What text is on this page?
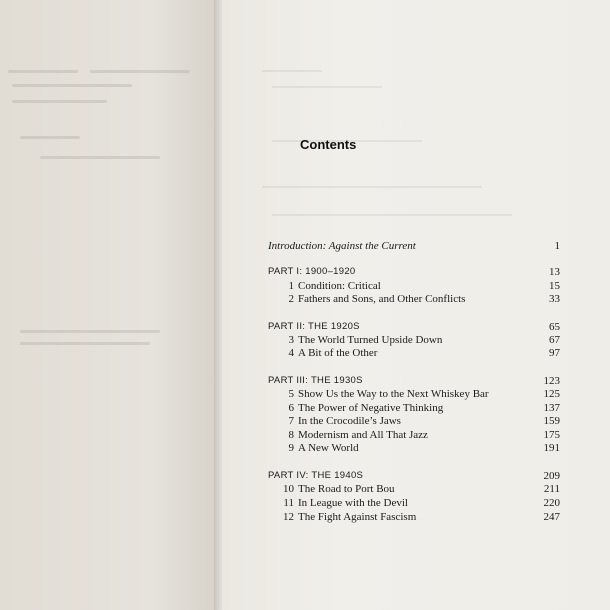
Contents
Introduction: Against the Current	1
PART I: 1900–1920	13
1 Condition: Critical	15
2 Fathers and Sons, and Other Conflicts	33
PART II: THE 1920S	65
3 The World Turned Upside Down	67
4 A Bit of the Other	97
PART III: THE 1930S	123
5 Show Us the Way to the Next Whiskey Bar	125
6 The Power of Negative Thinking	137
7 In the Crocodile’s Jaws	159
8 Modernism and All That Jazz	175
9 A New World	191
PART IV: THE 1940S	209
10 The Road to Port Bou	211
11 In League with the Devil	220
12 The Fight Against Fascism	247
